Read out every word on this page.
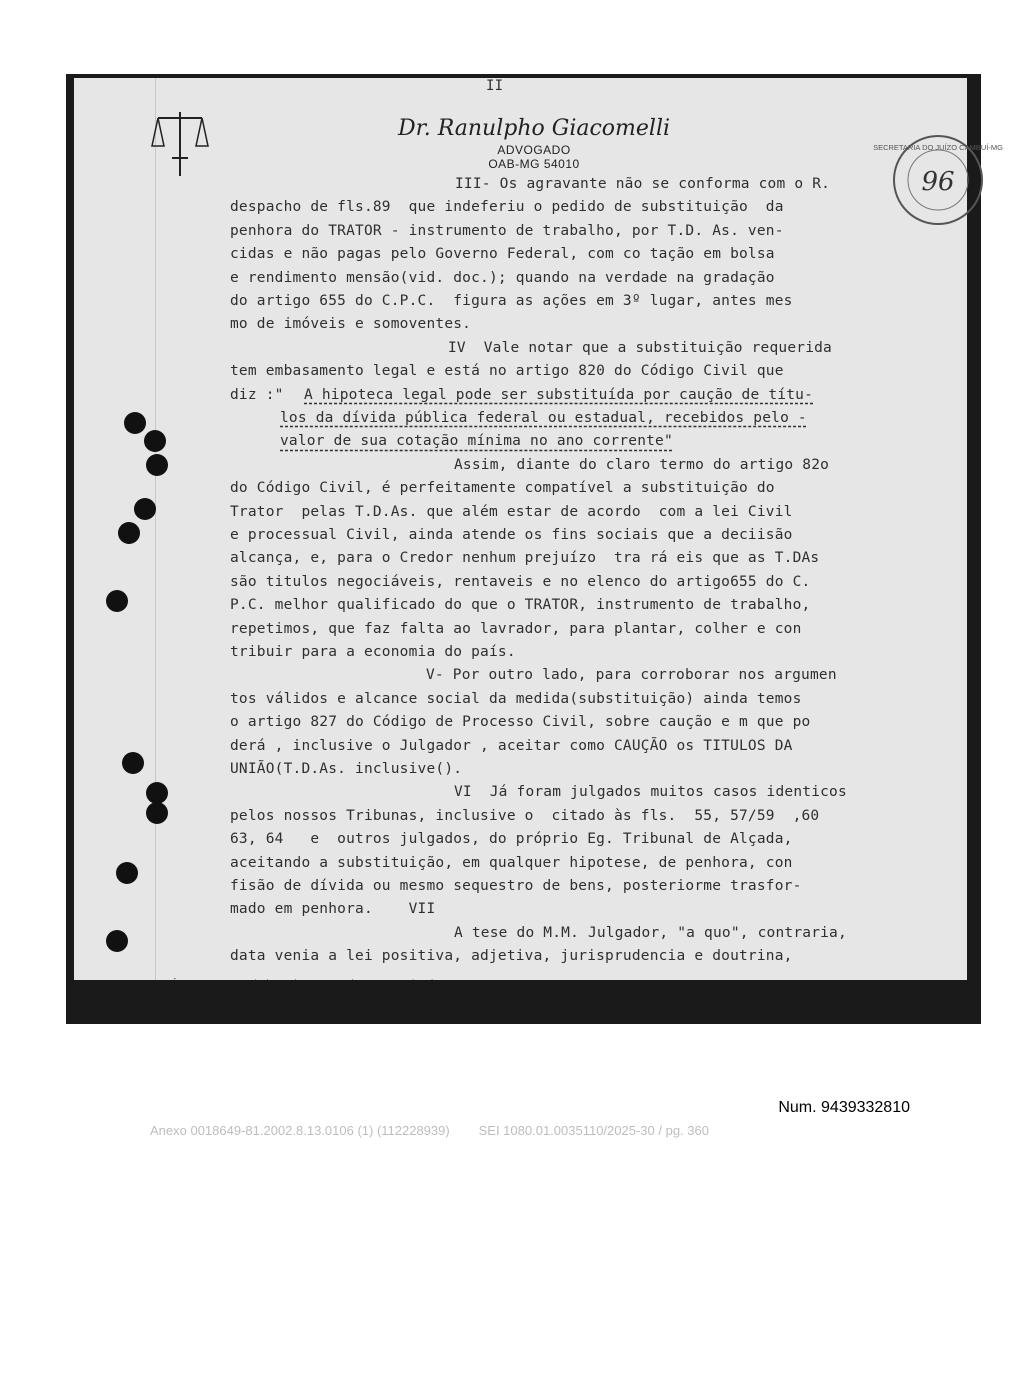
II
Dr. Ranulpho Giacomelli
ADVOGADO
OAB-MG 54010
SECRETARIA DO JUÍZO CAMBUÍ-MG
96
III- Os agravante não se conforma com o R.
despacho de fls.89  que indeferiu o pedido de substituição  da
penhora do TRATOR - instrumento de trabalho, por T.D. As. ven-
cidas e não pagas pelo Governo Federal, com co tação em bolsa
e rendimento mensão(vid. doc.); quando na verdade na gradação
do artigo 655 do C.P.C.  figura as ações em 3º lugar, antes mes
mo de imóveis e somoventes.
IV  Vale notar que a substituição requerida
tem embasamento legal e está no artigo 820 do Código Civil que
diz :" A hipoteca legal pode ser substituída por caução de títu-
los da dívida pública federal ou estadual, recebidos pelo -
valor de sua cotação mínima no ano corrente"
Assim, diante do claro termo do artigo 82o
do Código Civil, é perfeitamente compatível a substituição do
Trator  pelas T.D.As. que além estar de acordo  com a lei Civil
e processual Civil, ainda atende os fins sociais que a deciisão
alcança, e, para o Credor nenhum prejuízo  tra rá eis que as T.DAs
são titulos negociáveis, rentaveis e no elenco do artigo655 do C.
P.C. melhor qualificado do que o TRATOR, instrumento de trabalho,
repetimos, que faz falta ao lavrador, para plantar, colher e con
tribuir para a economia do país.
V- Por outro lado, para corroborar nos argumen
tos válidos e alcance social da medida(substituição) ainda temos
o artigo 827 do Código de Processo Civil, sobre caução e m que po
derá , inclusive o Julgador , aceitar como CAUÇÃO os TITULOS DA
UNIÃO(T.D.As. inclusive().
VI  Já foram julgados muitos casos identicos
pelos nossos Tribunas, inclusive o  citado às fls.  55, 57/59  ,60
63, 64   e  outros julgados, do próprio Eg. Tribunal de Alçada,
aceitando a substituição, em qualquer hipotese, de penhora, con
fisão de dívida ou mesmo sequestro de bens, posteriorme trasfor-
mado em penhora.    VII
A tese do M.M. Julgador, "a quo", contraria,
data venia a lei positiva, adjetiva, jurisprudencia e doutrina,
Num. 9439332810
Anexo 0018649-81.2002.8.13.0106 (1) (112228939)        SEI 1080.01.0035110/2025-30 / pg. 360
